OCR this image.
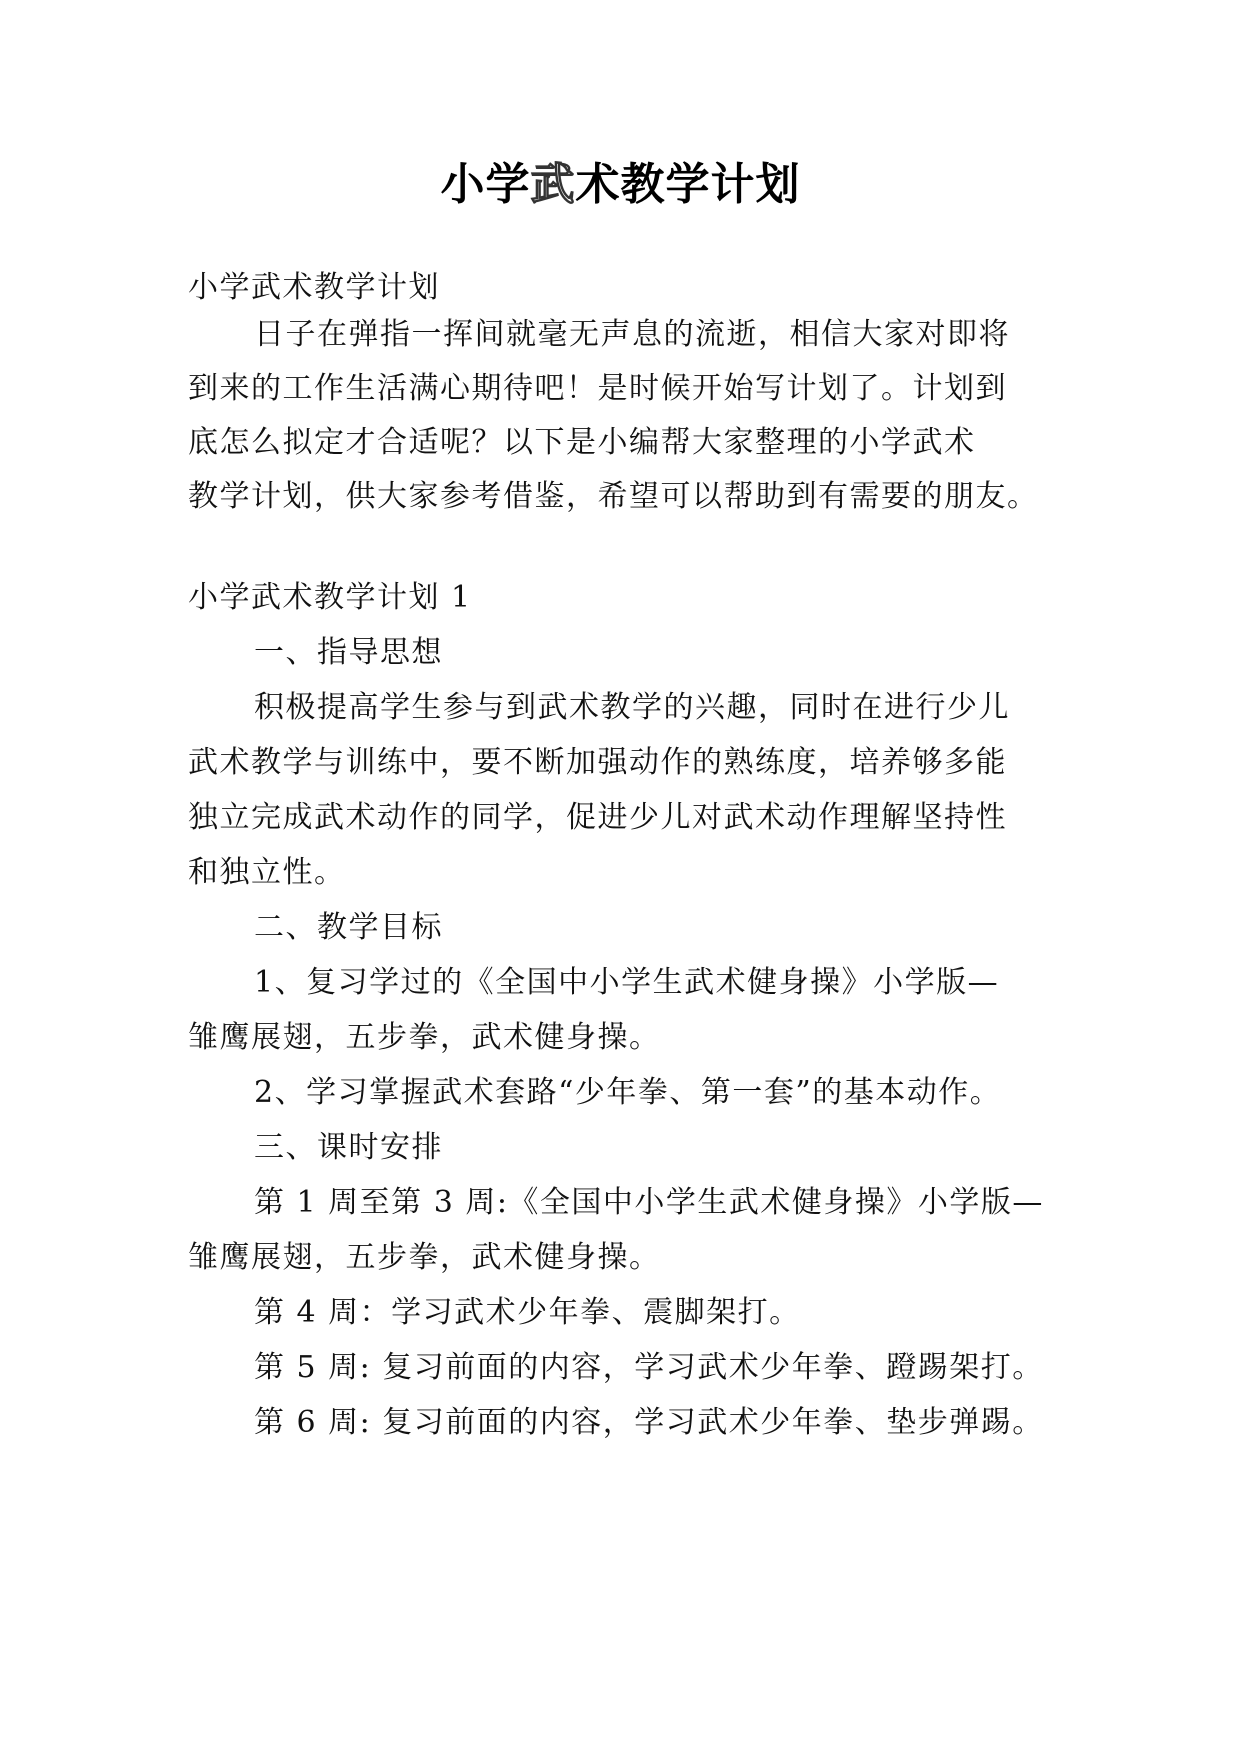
小学武术教学计划
小学武术教学计划
日子在弹指一挥间就毫无声息的流逝，相信大家对即将
到来的工作生活满心期待吧！是时候开始写计划了。计划到
底怎么拟定才合适呢？以下是小编帮大家整理的小学武术
教学计划，供大家参考借鉴，希望可以帮助到有需要的朋友。
小学武术教学计划 1
一、指导思想
积极提高学生参与到武术教学的兴趣，同时在进行少儿
武术教学与训练中，要不断加强动作的熟练度，培养够多能
独立完成武术动作的同学，促进少儿对武术动作理解坚持性
和独立性。
二、教学目标
1、复习学过的《全国中小学生武术健身操》小学版—
雏鹰展翅，五步拳，武术健身操。
2、学习掌握武术套路“少年拳、第一套”的基本动作。
三、课时安排
第 1 周至第 3 周:《全国中小学生武术健身操》小学版—
雏鹰展翅，五步拳，武术健身操。
第 4 周：学习武术少年拳、震脚架打。
第 5 周: 复习前面的内容，学习武术少年拳、蹬踢架打。
第 6 周: 复习前面的内容，学习武术少年拳、垫步弹踢。
